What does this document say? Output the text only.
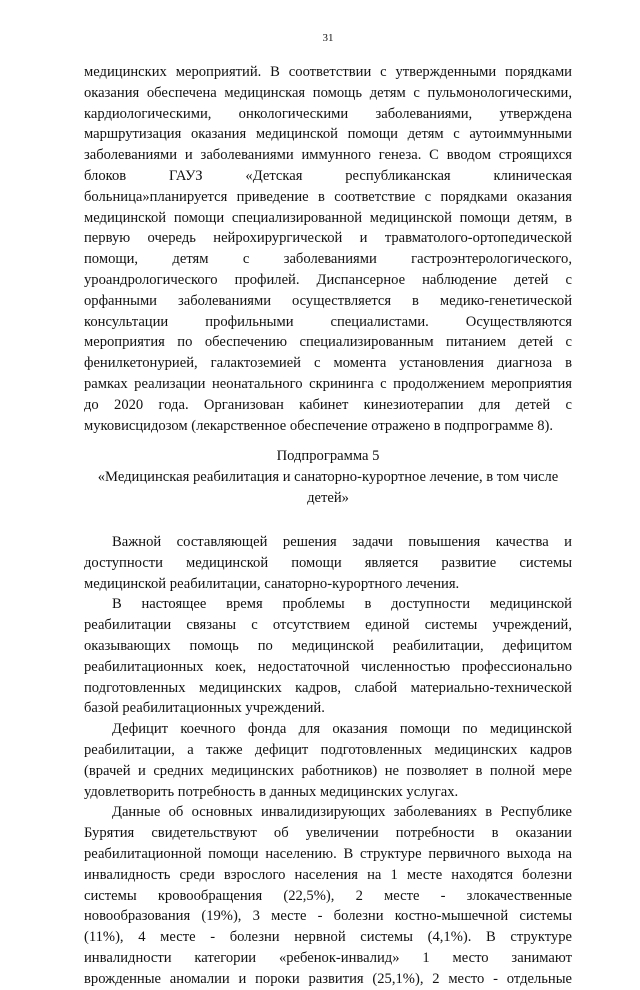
31
медицинских мероприятий. В соответствии с утвержденными порядками
оказания обеспечена медицинская помощь детям с пульмонологическими,
кардиологическими, онкологическими заболеваниями, утверждена
маршрутизация оказания медицинской помощи детям с аутоиммунными
заболеваниями и заболеваниями иммунного генеза. С вводом строящихся
блоков ГАУЗ «Детская республиканская клиническая
больница»планируется приведение в соответствие с порядками оказания
медицинской помощи специализированной медицинской помощи детям, в
первую очередь нейрохирургической и травматолого-ортопедической
помощи, детям с заболеваниями гастроэнтерологического,
уроандрологического профилей. Диспансерное наблюдение детей с
орфанными заболеваниями осуществляется в медико-генетической
консультации профильными специалистами. Осуществляются
мероприятия по обеспечению специализированным питанием детей с
фенилкетонурией, галактоземией с момента установления диагноза в
рамках реализации неонатального скрининга с продолжением мероприятия
до 2020 года. Организован кабинет кинезиотерапии для детей с
муковисцидозом (лекарственное обеспечение отражено в подпрограмме 8).
Подпрограмма 5
«Медицинская реабилитация и санаторно-курортное лечение, в том числе
детей»
Важной составляющей решения задачи повышения качества и
доступности медицинской помощи является развитие системы
медицинской реабилитации, санаторно-курортного лечения.
В настоящее время проблемы в доступности медицинской
реабилитации связаны с отсутствием единой системы учреждений,
оказывающих помощь по медицинской реабилитации, дефицитом
реабилитационных коек, недостаточной численностью профессионально
подготовленных медицинских кадров, слабой материально-технической
базой реабилитационных учреждений.
Дефицит коечного фонда для оказания помощи по медицинской
реабилитации, а также дефицит подготовленных медицинских кадров
(врачей и средних медицинских работников) не позволяет в полной мере
удовлетворить потребность в данных медицинских услугах.
Данные об основных инвалидизирующих заболеваниях в Республике
Бурятия свидетельствуют об увеличении потребности в оказании
реабилитационной помощи населению. В структуре первичного выхода на
инвалидность среди взрослого населения на 1 месте находятся болезни
системы кровообращения (22,5%), 2 месте - злокачественные
новообразования (19%), 3 месте - болезни костно-мышечной системы
(11%), 4 месте - болезни нервной системы (4,1%). В структуре
инвалидности категории «ребенок-инвалид» 1 место занимают
врожденные аномалии и пороки развития (25,1%), 2 место - отдельные
